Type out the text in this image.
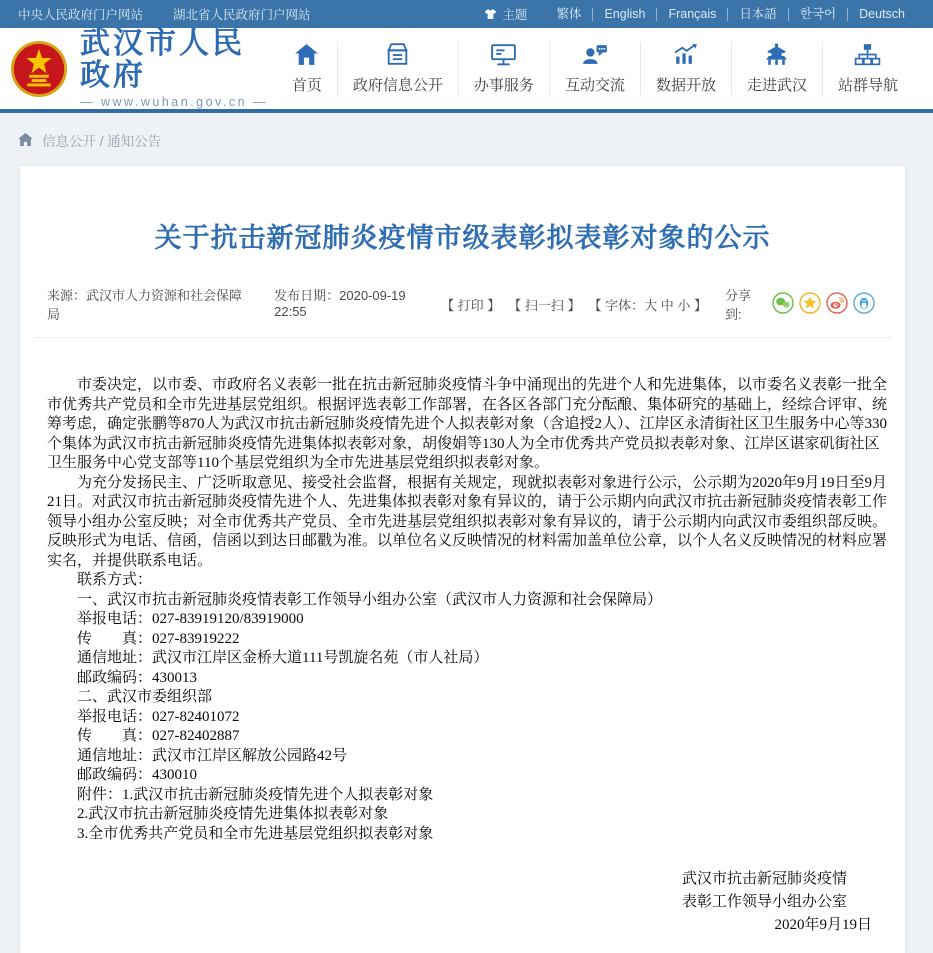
中央人民政府门户网站 湖北省人民政府门户网站	主题	繁体	English	Français	日本語	한국어	Deutsch
武汉市人民政府
— www.wuhan.gov.cn —
首页 政府信息公开 办事服务 互动交流 数据开放 走进武汉 站群导航
信息公开 / 通知公告
关于抗击新冠肺炎疫情市级表彰拟表彰对象的公示
来源：武汉市人力资源和社会保障局
发布日期：2020-09-19 22:55	【 打印 】 【 扫一扫 】 【 字体：大 中 小 】
分享到:

市委决定，以市委、市政府名义表彰一批在抗击新冠肺炎疫情斗争中涌现出的先进个人和先进集体，以市委名义表彰一批全市优秀共产党员和全市先进基层党组织。根据评选表彰工作部署，在各区各部门充分酝酿、集体研究的基础上，经综合评审、统筹考虑，确定张鹏等870人为武汉市抗击新冠肺炎疫情先进个人拟表彰对象（含追授2人）、江岸区永清街社区卫生服务中心等330个集体为武汉市抗击新冠肺炎疫情先进集体拟表彰对象，胡俊娟等130人为全市优秀共产党员拟表彰对象、江岸区谌家矶街社区卫生服务中心党支部等110个基层党组织为全市先进基层党组织拟表彰对象。

为充分发扬民主、广泛听取意见、接受社会监督，根据有关规定，现就拟表彰对象进行公示，公示期为2020年9月19日至9月21日。对武汉市抗击新冠肺炎疫情先进个人、先进集体拟表彰对象有异议的，请于公示期内向武汉市抗击新冠肺炎疫情表彰工作领导小组办公室反映；对全市优秀共产党员、全市先进基层党组织拟表彰对象有异议的，请于公示期内向武汉市委组织部反映。反映形式为电话、信函，信函以到达日邮戳为准。以单位名义反映情况的材料需加盖单位公章，以个人名义反映情况的材料应署实名，并提供联系电话。

联系方式：

一、武汉市抗击新冠肺炎疫情表彰工作领导小组办公室（武汉市人力资源和社会保障局）

举报电话：027-83919120/83919000

传　　真：027-83919222

通信地址：武汉市江岸区金桥大道111号凯旋名苑（市人社局）

邮政编码：430013

二、武汉市委组织部

举报电话：027-82401072

传　　真：027-82402887

通信地址：武汉市江岸区解放公园路42号

邮政编码：430010

附件：1.武汉市抗击新冠肺炎疫情先进个人拟表彰对象

2.武汉市抗击新冠肺炎疫情先进集体拟表彰对象

3.全市优秀共产党员和全市先进基层党组织拟表彰对象

武汉市抗击新冠肺炎疫情
表彰工作领导小组办公室
2020年9月19日
